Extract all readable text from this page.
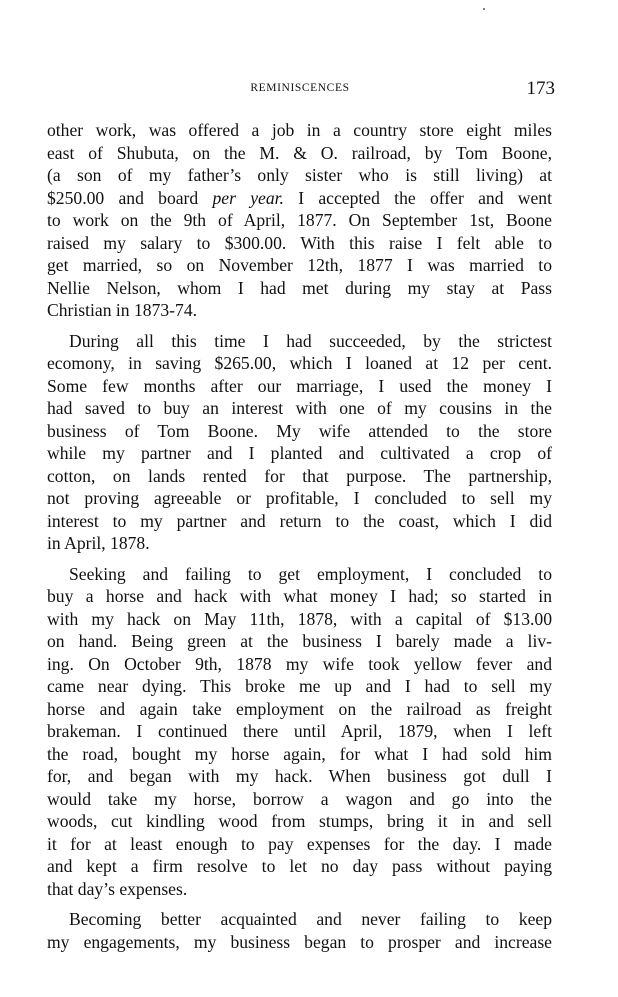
REMINISCENCES	173
other work, was offered a job in a country store eight miles
east of Shubuta, on the M. & O. railroad, by Tom Boone,
(a son of my father’s only sister who is still living) at
$250.00 and board per year. I accepted the offer and went
to work on the 9th of April, 1877. On September 1st, Boone
raised my salary to $300.00. With this raise I felt able to
get married, so on November 12th, 1877 I was married to
Nellie Nelson, whom I had met during my stay at Pass
Christian in 1873-74.
During all this time I had succeeded, by the strictest
ecomony, in saving $265.00, which I loaned at 12 per cent.
Some few months after our marriage, I used the money I
had saved to buy an interest with one of my cousins in the
business of Tom Boone. My wife attended to the store
while my partner and I planted and cultivated a crop of
cotton, on lands rented for that purpose. The partnership,
not proving agreeable or profitable, I concluded to sell my
interest to my partner and return to the coast, which I did
in April, 1878.
Seeking and failing to get employment, I concluded to
buy a horse and hack with what money I had; so started in
with my hack on May 11th, 1878, with a capital of $13.00
on hand. Being green at the business I barely made a liv-
ing. On October 9th, 1878 my wife took yellow fever and
came near dying. This broke me up and I had to sell my
horse and again take employment on the railroad as freight
brakeman. I continued there until April, 1879, when I left
the road, bought my horse again, for what I had sold him
for, and began with my hack. When business got dull I
would take my horse, borrow a wagon and go into the
woods, cut kindling wood from stumps, bring it in and sell
it for at least enough to pay expenses for the day. I made
and kept a firm resolve to let no day pass without paying
that day’s expenses.
Becoming better acquainted and never failing to keep
my engagements, my business began to prosper and increase
